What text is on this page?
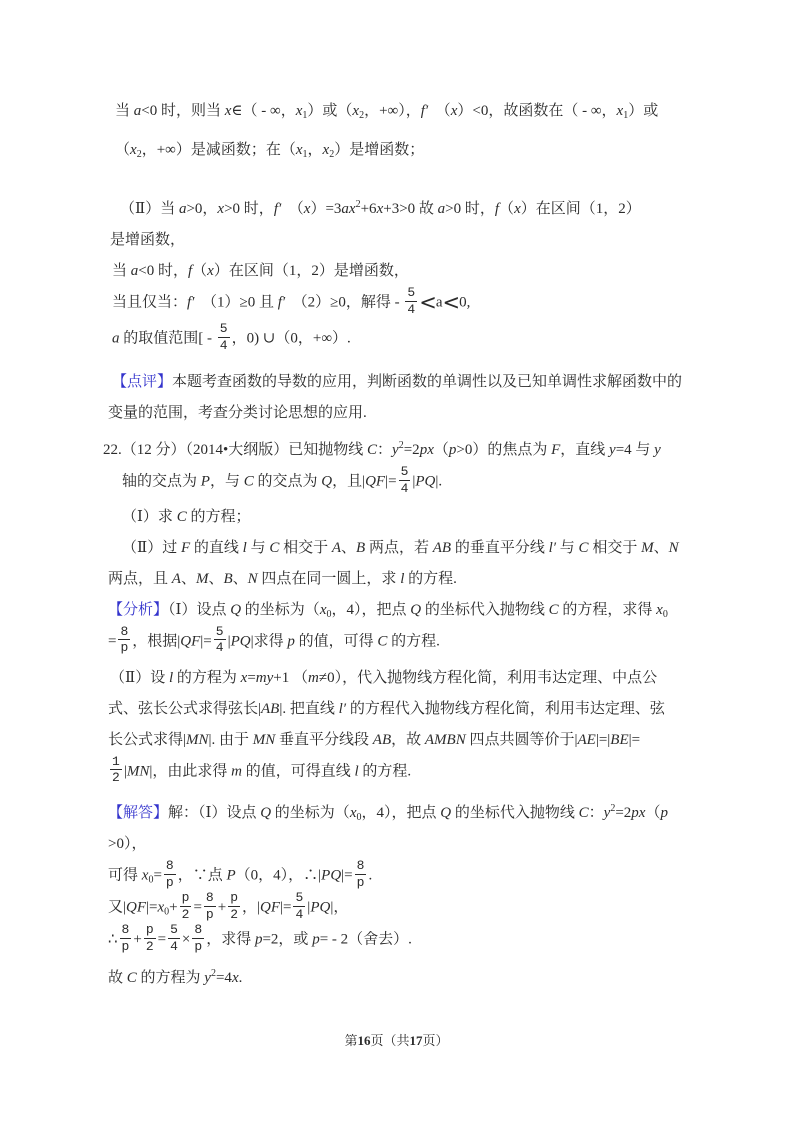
当 a<0 时，则当 x∈（ - ∞，$x_1$）或（$x_2$，+∞），f′　（x）<0，故函数在（ - ∞，$x_1$）或
（$x_2$，+∞）是减函数；在（$x_1$，$x_2$）是增函数；
（Ⅱ）当 a>0，x>0 时，f′　$(x)=3ax^2+6x+3>0$ 故 a>0 时，f（x）在区间（1，2）
是增函数，
当 a<0 时，f（x）在区间（1，2）是增函数，
当且仅当：f′　（1）≥0 且 f′　（2）≥0，解得 - $\frac{5}{4} <a<0$,
a 的取值范围[ - $\frac{5}{4}$ ，0) ∪（0，+∞）.
【点评】本题考查函数的导数的应用，判断函数的单调性以及已知单调性求解函数中的
变量的范围，考查分类讨论思想的应用.
22.（12 分）（2014•大纲版）已知抛物线 C：$y^2=2px(p>0)$的焦点为 F，直线 y=4 与 y
轴的交点为 P，与 C 的交点为 Q，且$|QF|= \frac{5}{4} |PQ|$.
（Ⅰ）求 C 的方程；
（Ⅱ）过 F 的直线 l 与 C 相交于 A、B 两点，若 AB 的垂直平分线 l′ 与 C 相交于 M、N
两点，且 A、M、B、N 四点在同一圆上，求 l 的方程.
【分析】（Ⅰ）设点 Q 的坐标为（$x_0$，4），把点 Q 的坐标代入抛物线 C 的方程，求得 $x_0$
= $\frac{8}{p}$ ，根据$|QF|= \frac{5}{4} |PQ|$求得 p 的值，可得 C 的方程.
（Ⅱ）设 l 的方程为 x=my+1 （m≠0），代入抛物线方程化简，利用韦达定理、中点公
式、弦长公式求得弦长|AB|. 把直线 l′ 的方程代入抛物线方程化简，利用韦达定理、弦
长公式求得|MN|. 由于 MN 垂直平分线段 AB，故 AMBN 四点共圆等价于|AE|=|BE|=
$\frac{1}{2} |MN|$，由此求得 m 的值，可得直线 l 的方程.
【解答】解：（Ⅰ）设点 Q 的坐标为（$x_0$，4），把点 Q 的坐标代入抛物线 C：$y^2=2px(p$
>0），
可得 $x_0= \frac{8}{p}$ ，∵点 P（0，4），∴|PQ|= $\frac{8}{p}$ .
又$|QF|=x_0+ \frac{p}{2} = \frac{8}{p} + \frac{p}{2}$ ，$|QF|= \frac{5}{4} |PQ|$，
∴ $\frac{8}{p} + \frac{p}{2} = \frac{5}{4} \times \frac{8}{p}$ ，求得 p=2，或 p= - 2（舍去）.
故 C 的方程为 $y^2=4x$.
第16页（共17页）
